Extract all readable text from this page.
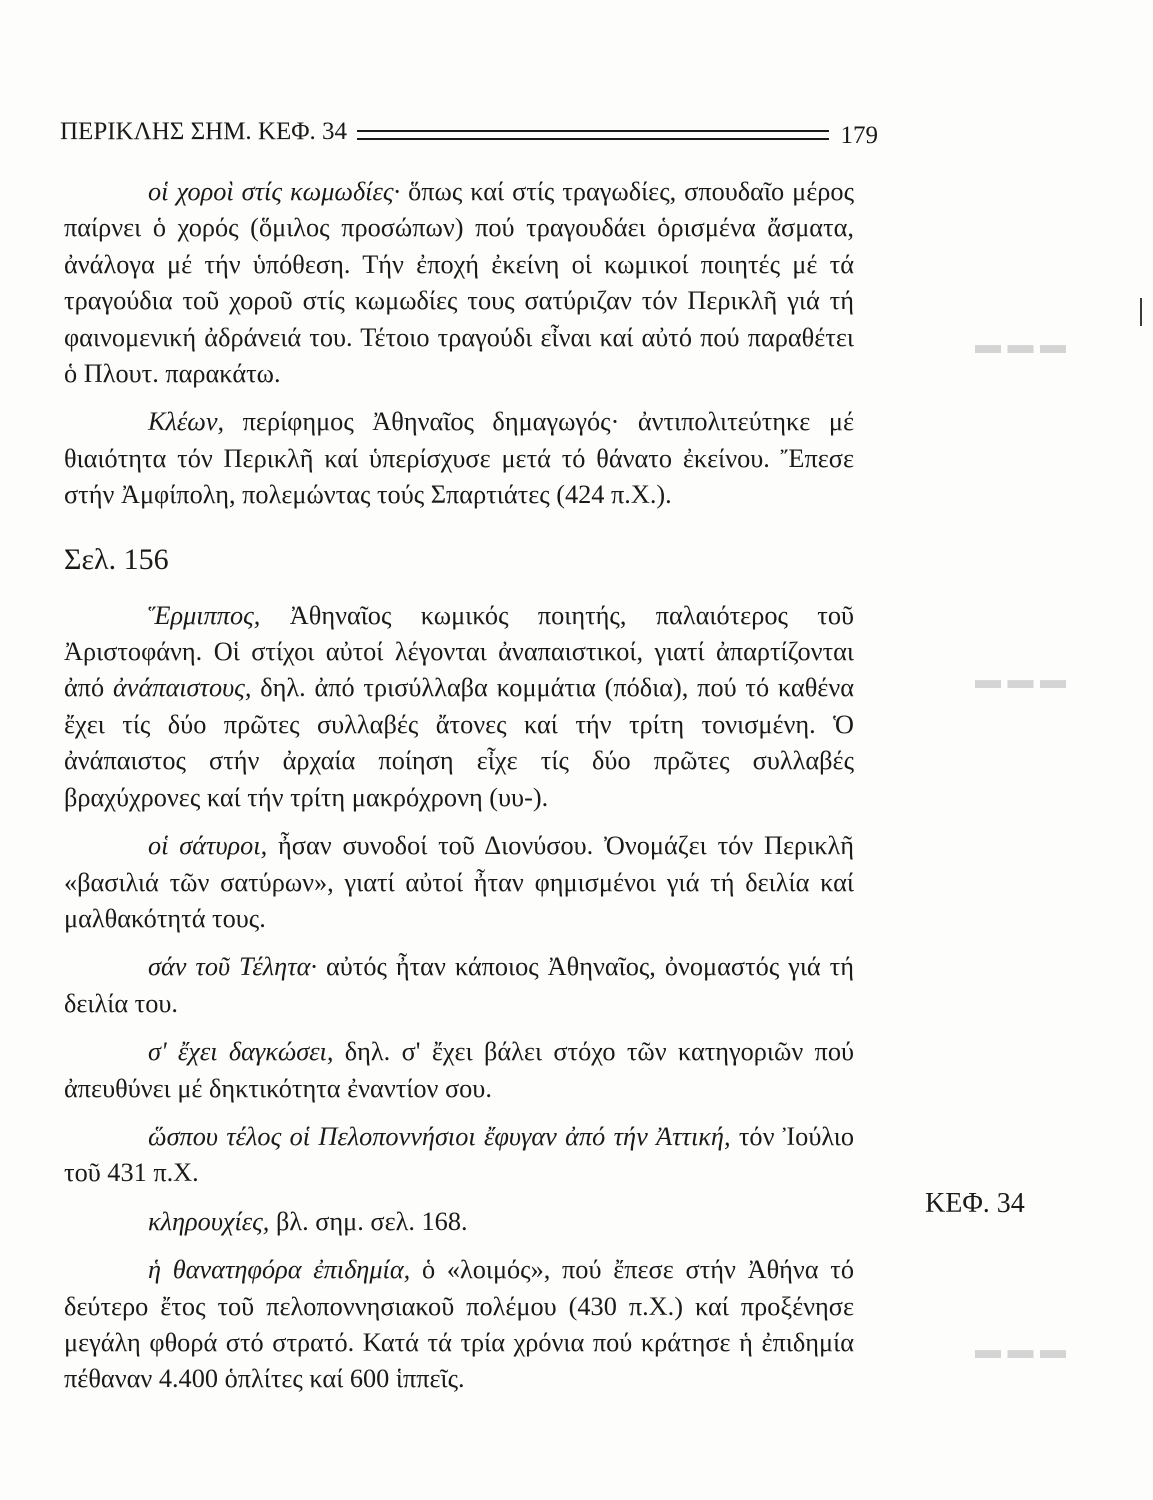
▬ ▬ ▬
▬ ▬ ▬
▬ ▬ ▬
ΠΕΡΙΚΛΗΣ ΣΗΜ. ΚΕΦ. 34	179

οἱ χοροὶ στίς κωμωδίες· ὅπως καί στίς τραγωδίες, σπουδαῖο μέρος παίρνει ὁ χορός (ὅμιλος προσώπων) πού τραγουδάει ὁρισμένα ἄσματα, ἀνάλογα μέ τήν ὑπόθεση. Τήν ἐποχή ἐκείνη οἱ κωμικοί ποιητές μέ τά τραγούδια τοῦ χοροῦ στίς κωμωδίες τους σατύριζαν τόν Περικλῆ γιά τή φαινομενική ἀδράνειά του. Τέτοιο τραγούδι εἶναι καί αὐτό πού παραθέτει ὁ Πλουτ. παρακάτω.

Κλέων, περίφημος Ἀθηναῖος δημαγωγός· ἀντιπολιτεύτηκε μέ θιαιότητα τόν Περικλῆ καί ὑπερίσχυσε μετά τό θάνατο ἐκείνου. Ἔπεσε στήν Ἀμφίπολη, πολεμώντας τούς Σπαρτιάτες (424 π.Χ.).

Σελ. 156

Ἕρμιππος, Ἀθηναῖος κωμικός ποιητής, παλαιότερος τοῦ Ἀριστοφάνη. Οἱ στίχοι αὐτοί λέγονται ἀναπαιστικοί, γιατί ἀπαρτίζονται ἀπό ἀνάπαιστους, δηλ. ἀπό τρισύλλαβα κομμάτια (πόδια), πού τό καθένα ἔχει τίς δύο πρῶτες συλλαβές ἄτονες καί τήν τρίτη τονισμένη. Ὁ ἀνάπαιστος στήν ἀρχαία ποίηση εἶχε τίς δύο πρῶτες συλλαβές βραχύχρονες καί τήν τρίτη μακρόχρονη (υυ-).

οἱ σάτυροι, ἦσαν συνοδοί τοῦ Διονύσου. Ὀνομάζει τόν Περικλῆ «βασιλιά τῶν σατύρων», γιατί αὐτοί ἦταν φημισμένοι γιά τή δειλία καί μαλθακότητά τους.

σάν τοῦ Τέλητα· αὐτός ἦταν κάποιος Ἀθηναῖος, ὀνομαστός γιά τή δειλία του.

σ' ἔχει δαγκώσει, δηλ. σ' ἔχει βάλει στόχο τῶν κατηγοριῶν πού ἀπευθύνει μέ δηκτικότητα ἐναντίον σου.

ὥσπου τέλος οἱ Πελοποννήσιοι ἔφυγαν ἀπό τήν Ἀττική, τόν Ἰούλιο τοῦ 431 π.Χ.

κληρουχίες, βλ. σημ. σελ. 168.

ἡ θανατηφόρα ἐπιδημία, ὁ «λοιμός», πού ἔπεσε στήν Ἀθήνα τό δεύτερο ἔτος τοῦ πελοποννησιακοῦ πολέμου (430 π.Χ.) καί προξένησε μεγάλη φθορά στό στρατό. Κατά τά τρία χρόνια πού κράτησε ἡ ἐπιδημία πέθαναν 4.400 ὁπλίτες καί 600 ἱππεῖς.

ΚΕΦ. 34
